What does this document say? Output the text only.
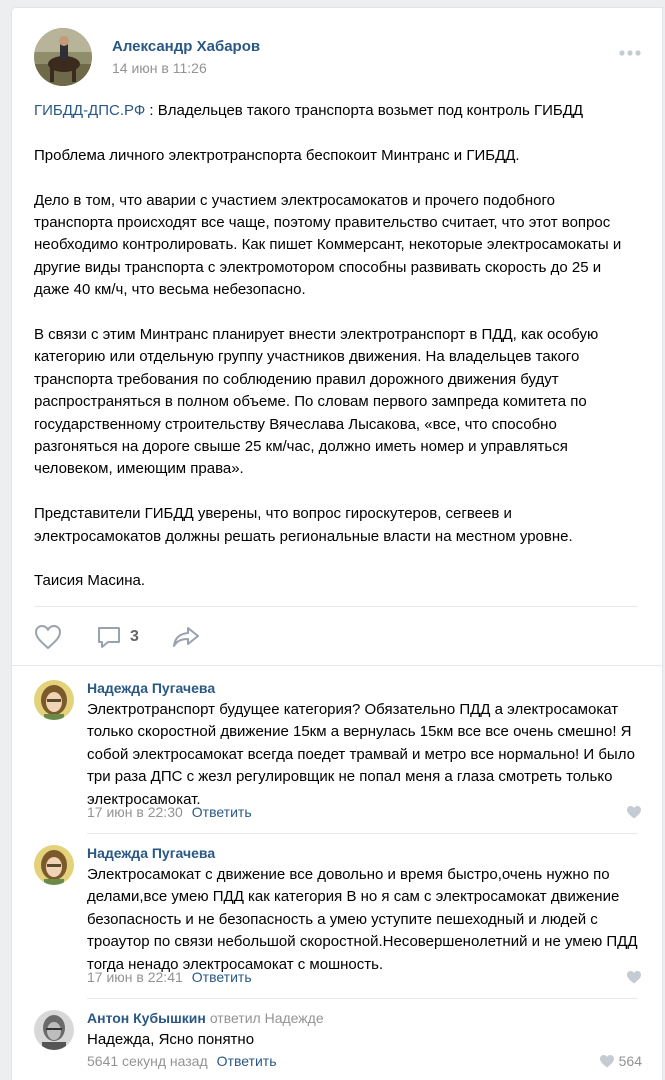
Александр Хабаров
14 июн в 11:26

ГИБДД-ДПС.РФ : Владельцев такого транспорта возьмет под контроль ГИБДД

Проблема личного электротранспорта беспокоит Минтранс и ГИБДД.

Дело в том, что аварии с участием электросамокатов и прочего подобного транспорта происходят все чаще, поэтому правительство считает, что этот вопрос необходимо контролировать. Как пишет Коммерсант, некоторые электросамокаты и другие виды транспорта с электромотором способны развивать скорость до 25 и даже 40 км/ч, что весьма небезопасно.

В связи с этим Минтранс планирует внести электротранспорт в ПДД, как особую категорию или отдельную группу участников движения. На владельцев такого транспорта требования по соблюдению правил дорожного движения будут распространяться в полном объеме. По словам первого зампреда комитета по государственному строительству Вячеслава Лысакова, «все, что способно разгоняться на дороге свыше 25 км/час, должно иметь номер и управляться человеком, имеющим права».

Представители ГИБДД уверены, что вопрос гироскутеров, сегвеев и электросамокатов должны решать региональные власти на местном уровне.

Таисия Масина.

3
Надежда Пугачева
Электротранспорт будущее категория? Обязательно ПДД а электросамокат только скоростной движение 15км а вернулась 15км все все очень смешно! Я собой электросамокат всегда поедет трамвай и метро все нормально! И было три раза ДПС с жезл регулировщик не попал меня а глаза смотреть только электросамокат.
17 июн в 22:30 Ответить
Надежда Пугачева
Электросамокат с движение все довольно и время быстро,очень нужно по делами,все умею ПДД как категория В но я сам с электросамокат движение безопасность и не безопасность а умею уступите пешеходный и людей с троаутор по связи небольшой скоростной.Несовершенолетний и не умею ПДД тогда ненадо электросамокат с мошность.
17 июн в 22:41 Ответить
Антон Кубышкин ответил Надежде
Надежда, Ясно понятно
5641 секунд назад Ответить	564
